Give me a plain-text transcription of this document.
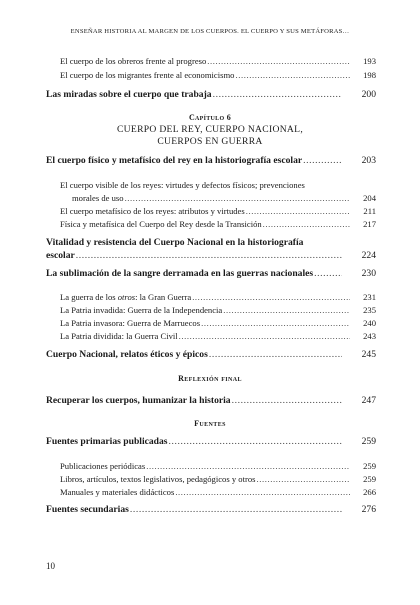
ENSEÑAR HISTORIA AL MARGEN DE LOS CUERPOS. EL CUERPO Y SUS METÁFORAS…
El cuerpo de los obreros frente al progreso .....	193
El cuerpo de los migrantes frente al economicismo .....	198
Las miradas sobre el cuerpo que trabaja .....	200
Capítulo 6
CUERPO DEL REY, CUERPO NACIONAL,
CUERPOS EN GUERRA
El cuerpo físico y metafísico del rey en la historiografía escolar .....	203
El cuerpo visible de los reyes: virtudes y defectos físicos; prevenciones
morales de uso .....	204
El cuerpo metafísico de los reyes: atributos y virtudes .....	211
Física y metafísica del Cuerpo del Rey desde la Transición .....	217
Vitalidad y resistencia del Cuerpo Nacional en la historiografía
escolar .....	224
La sublimación de la sangre derramada en las guerras nacionales .....	230
La guerra de los otros: la Gran Guerra .....	231
La Patria invadida: Guerra de la Independencia .....	235
La Patria invasora: Guerra de Marruecos .....	240
La Patria dividida: la Guerra Civil .....	243
Cuerpo Nacional, relatos éticos y épicos .....	245
Reflexión final
Recuperar los cuerpos, humanizar la historia .....	247
Fuentes
Fuentes primarias publicadas .....	259
Publicaciones periódicas .....	259
Libros, artículos, textos legislativos, pedagógicos y otros .....	259
Manuales y materiales didácticos .....	266
Fuentes secundarias .....	276
10
